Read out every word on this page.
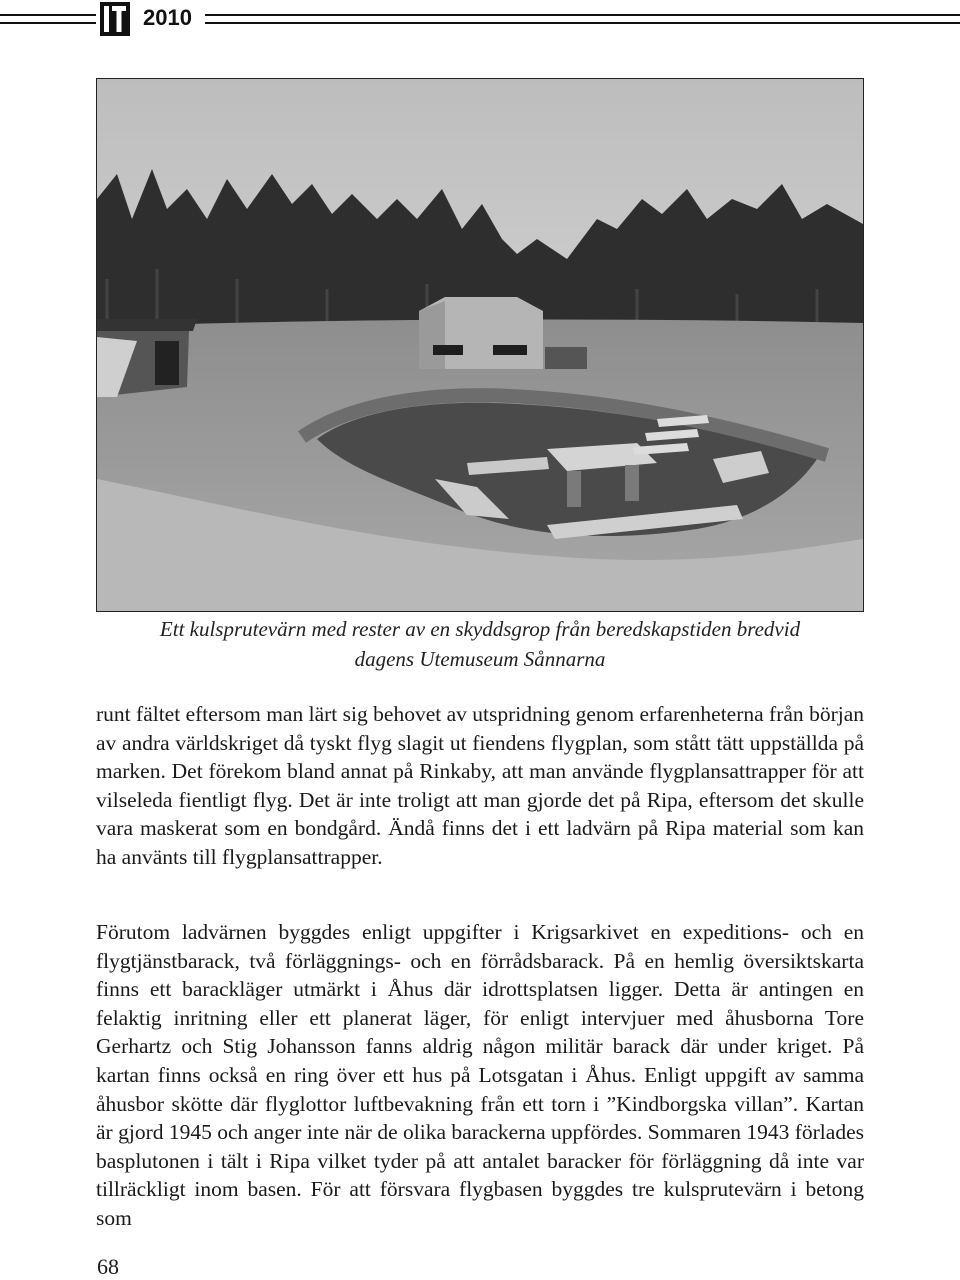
2010
Ett kulsprutevärn med rester av en skyddsgrop från beredskapstiden bredvid
dagens Utemuseum Sånnarna
runt fältet eftersom man lärt sig behovet av utspridning genom erfarenheterna från början av andra världskriget då tyskt flyg slagit ut fiendens flygplan, som stått tätt uppställda på marken. Det förekom bland annat på Rinkaby, att man använde flygplansattrapper för att vilseleda fientligt flyg. Det är inte troligt att man gjorde det på Ripa, eftersom det skulle vara maskerat som en bondgård. Ändå finns det i ett ladvärn på Ripa material som kan ha använts till flygplansattrapper.
Förutom ladvärnen byggdes enligt uppgifter i Krigsarkivet en expeditions- och en flygtjänstbarack, två förläggnings- och en förrådsbarack. På en hemlig översiktskarta finns ett barackläger utmärkt i Åhus där idrottsplatsen ligger. Detta är antingen en felaktig inritning eller ett planerat läger, för enligt intervjuer med åhusborna Tore Gerhartz och Stig Johansson fanns aldrig någon militär barack där under kriget. På kartan finns också en ring över ett hus på Lotsgatan i Åhus. Enligt uppgift av samma åhusbor skötte där flyglottor luftbevakning från ett torn i ”Kindborgska villan”. Kartan är gjord 1945 och anger inte när de olika barackerna uppfördes. Sommaren 1943 förlades basplutonen i tält i Ripa vilket tyder på att antalet baracker för förläggning då inte var tillräckligt inom basen. För att försvara flygbasen byggdes tre kulsprutevärn i betong som
68
